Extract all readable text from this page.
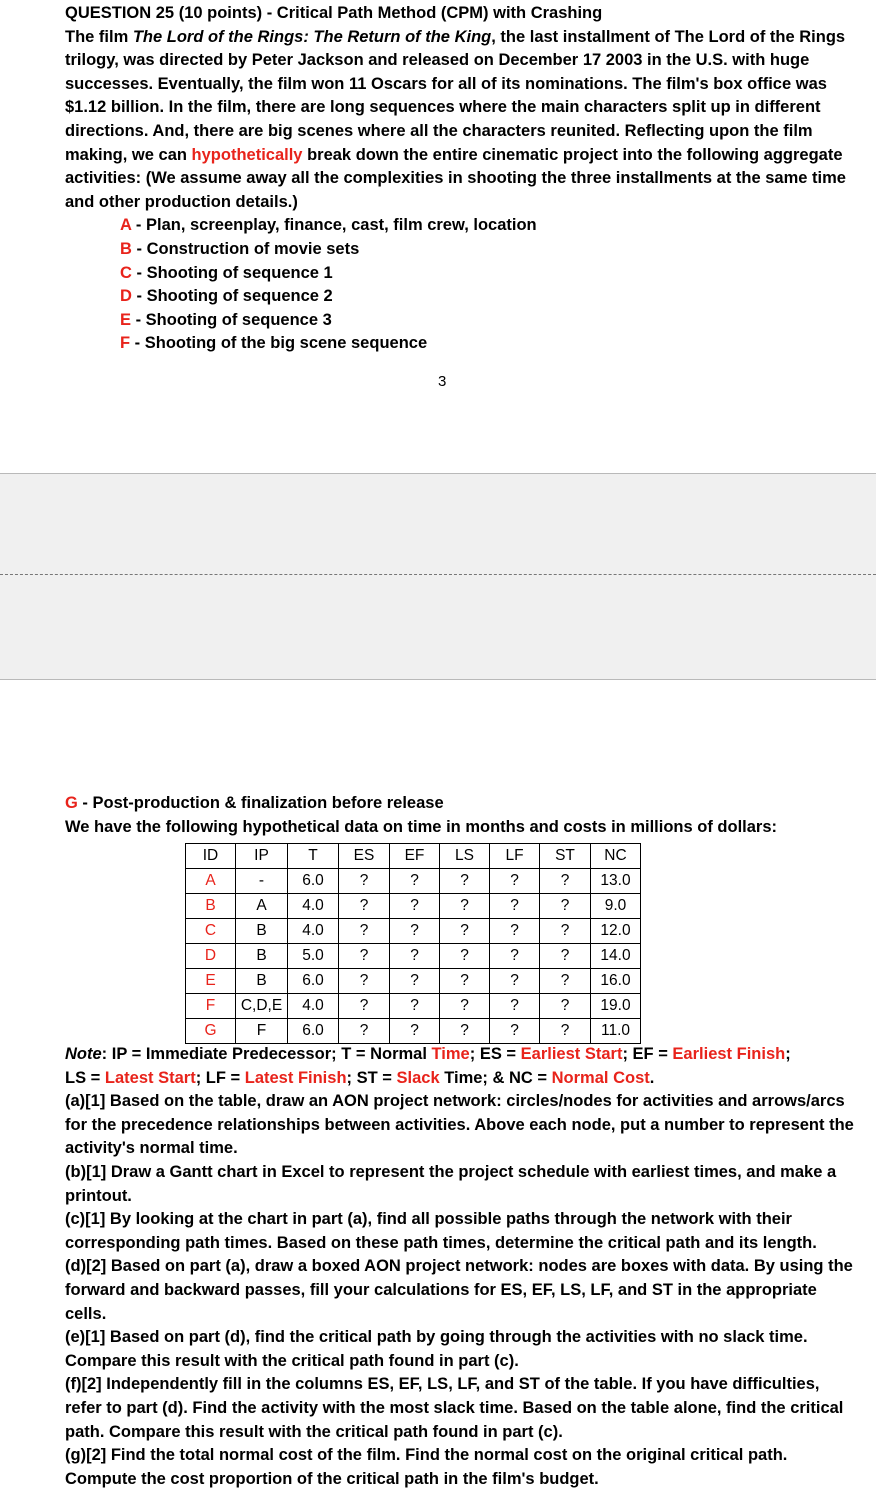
QUESTION 25 (10 points) - Critical Path Method (CPM) with Crashing

The film The Lord of the Rings: The Return of the King, the last installment of The Lord of the Rings trilogy, was directed by Peter Jackson and released on December 17 2003 in the U.S. with huge successes. Eventually, the film won 11 Oscars for all of its nominations. The film's box office was $1.12 billion. In the film, there are long sequences where the main characters split up in different directions. And, there are big scenes where all the characters reunited. Reflecting upon the film making, we can hypothetically break down the entire cinematic project into the following aggregate activities: (We assume away all the complexities in shooting the three installments at the same time and other production details.)

A - Plan, screenplay, finance, cast, film crew, location
B - Construction of movie sets
C - Shooting of sequence 1
D - Shooting of sequence 2
E - Shooting of sequence 3
F - Shooting of the big scene sequence
3

G - Post-production & finalization before release

We have the following hypothetical data on time in months and costs in millions of dollars:

ID	IP	T	ES	EF	LS	LF	ST	NC
A	-	6.0	?	?	?	?	?	13.0
B	A	4.0	?	?	?	?	?	9.0
C	B	4.0	?	?	?	?	?	12.0
D	B	5.0	?	?	?	?	?	14.0
E	B	6.0	?	?	?	?	?	16.0
F	C,D,E	4.0	?	?	?	?	?	19.0
G	F	6.0	?	?	?	?	?	11.0

Note: IP = Immediate Predecessor; T = Normal Time; ES = Earliest Start; EF = Earliest Finish;

LS = Latest Start; LF = Latest Finish; ST = Slack Time; & NC = Normal Cost.

(a)[1] Based on the table, draw an AON project network: circles/nodes for activities and arrows/arcs for the precedence relationships between activities. Above each node, put a number to represent the activity's normal time.

(b)[1] Draw a Gantt chart in Excel to represent the project schedule with earliest times, and make a printout.

(c)[1] By looking at the chart in part (a), find all possible paths through the network with their corresponding path times. Based on these path times, determine the critical path and its length.

(d)[2] Based on part (a), draw a boxed AON project network: nodes are boxes with data. By using the forward and backward passes, fill your calculations for ES, EF, LS, LF, and ST in the appropriate cells.

(e)[1] Based on part (d), find the critical path by going through the activities with no slack time. Compare this result with the critical path found in part (c).

(f)[2] Independently fill in the columns ES, EF, LS, LF, and ST of the table. If you have difficulties, refer to part (d). Find the activity with the most slack time. Based on the table alone, find the critical path. Compare this result with the critical path found in part (c).

(g)[2] Find the total normal cost of the film. Find the normal cost on the original critical path. Compute the cost proportion of the critical path in the film's budget.
